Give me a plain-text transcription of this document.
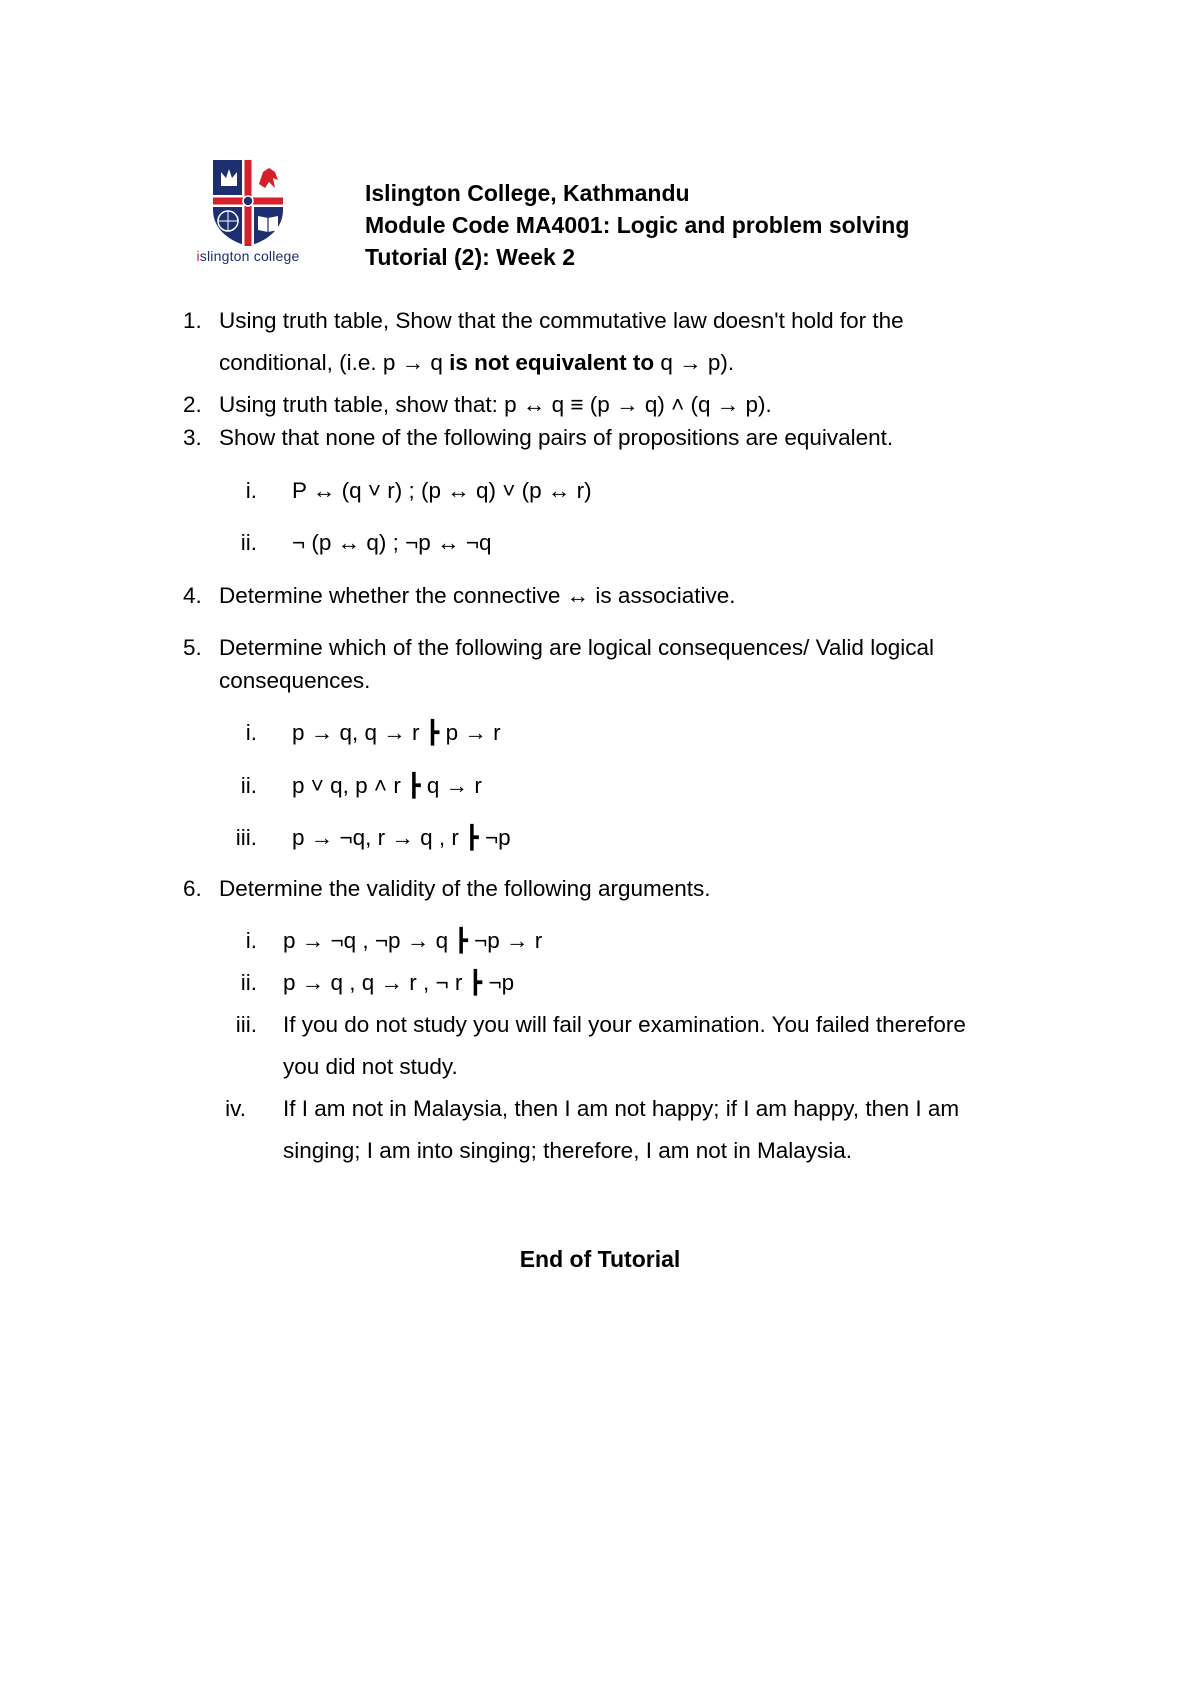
islington college
Islington College, Kathmandu
Module Code MA4001: Logic and problem solving
Tutorial (2): Week 2
1. Using truth table, Show that the commutative law doesn't hold for the
conditional, (i.e. p → q is not equivalent to q → p).
2. Using truth table, show that: p ↔ q ≡ (p → q) ˄ (q → p).
3. Show that none of the following pairs of propositions are equivalent.
i. P ↔ (q ˅ r) ; (p ↔ q) ˅ (p ↔ r)
ii. ¬ (p ↔ q) ; ¬p ↔ ¬q
4. Determine whether the connective ↔ is associative.
5. Determine which of the following are logical consequences/ Valid logical
consequences.
i. p → q, q → r ┣ p → r
ii. p ˅ q, p ˄ r ┣ q → r
iii. p → ¬q, r → q , r ┣ ¬p
6. Determine the validity of the following arguments.
i. p → ¬q , ¬p → q ┣ ¬p → r
ii. p → q , q → r , ¬ r ┣ ¬p
iii. If you do not study you will fail your examination. You failed therefore
you did not study.
iv. If I am not in Malaysia, then I am not happy; if I am happy, then I am
singing; I am into singing; therefore, I am not in Malaysia.
End of Tutorial
